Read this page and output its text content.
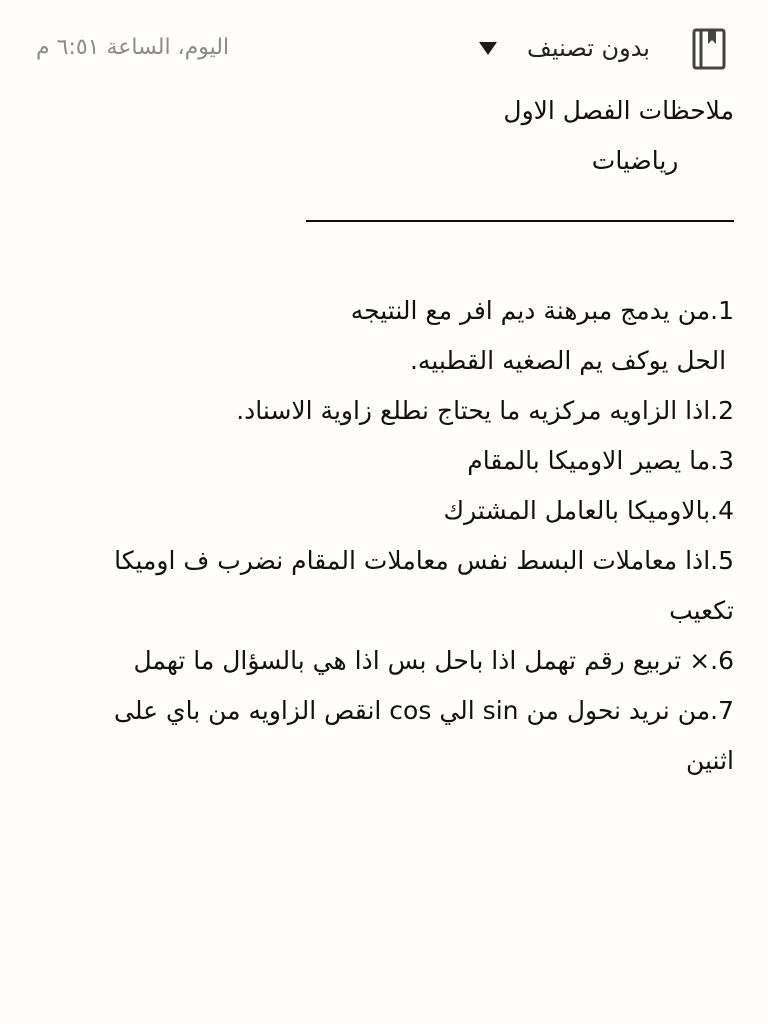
بدون تصنيف
اليوم، الساعة ٦:٥١ م
ملاحظات الفصل الاول
رياضيات
1.من يدمج مبرهنة ديم افر مع النتيجه
الحل يوكف يم الصغيه القطبيه.
2.اذا الزاويه مركزيه ما يحتاج نطلع زاوية الاسناد.
3.ما يصير الاوميكا بالمقام
4.بالاوميكا بالعامل المشترك
5.اذا معاملات البسط نفس معاملات المقام نضرب ف اوميكا
تكعيب
6.× تربيع رقم تهمل اذا باحل بس اذا هي بالسؤال ما تهمل
7.من نريد نحول من sin الي cos انقص الزاويه من باي على
اثنين
